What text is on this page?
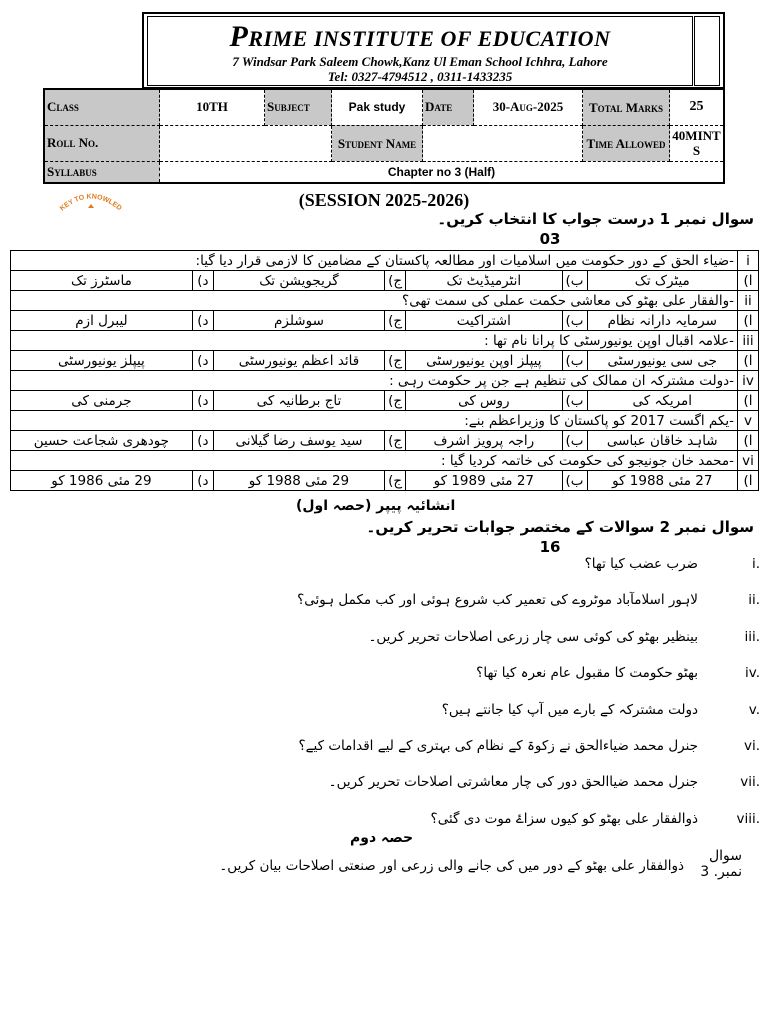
PRIME INSTITUTE OF EDUCATION
7 Windsar Park Saleem Chowk,Kanz Ul Eman School Ichhra, Lahore
Tel: 0327-4794512 , 0311-1433235
Class	10TH	Subject	Pak study	Date	30-Aug-2025	Total Marks	25
Roll No.			Student Name			Time Allowed	40MINT S
Syllabus	Chapter no 3 (Half)						
KEY TO KNOWLED	(SESSION 2025-2026)
سوال نمبر 1 درست جواب کا انتخاب کریں۔
03
i	-ضیاء الحق کے دور حکومت میں اسلامیات اور مطالعہ پاکستان کے مضامین کا لازمی قرار دیا گیا:						
ا)	میٹرک تک	ب)	انٹرمیڈیٹ تک	ج)	گریجویشن تک	د)	ماسٹرز تک
ii	-والفقار علی بھٹو کی معاشی حکمت عملی کی سمت تھی؟						
ا)	سرمایہ دارانہ نظام	ب)	اشتراکیت	ج)	سوشلزم	د)	لیبرل ازم
iii	-علامہ اقبال اوپن یونیورسٹی کا پرانا نام تھا :						
ا)	جی سی یونیورسٹی	ب)	پیپلز اوپن یونیورسٹی	ج)	قائد اعظم یونیورسٹی	د)	پیپلز یونیورسٹی
iv	-دولت مشترکہ ان ممالک کی تنظیم ہے جن پر حکومت رہی :						
ا)	امریکہ کی	ب)	روس کی	ج)	تاج برطانیہ کی	د)	جرمنی کی
v	-یکم اگست 2017 کو پاکستان کا وزیراعظم بنے:						
ا)	شاہد خاقان عباسی	ب)	راجہ پرویز اشرف	ج)	سید یوسف رضا گیلانی	د)	چودھری شجاعت حسین
vi	-محمد خان جونیجو کی حکومت کی خاتمہ کردیا گیا :						
ا)	27 مئی 1988 کو	ب)	27 مئی 1989 کو	ج)	29 مئی 1988 کو	د)	29 مئی 1986 کو
انشائیہ پیپر (حصہ اول)
سوال نمبر 2 سوالات کے مختصر جوابات تحریر کریں۔
16
i.
ضرب عضب کیا تھا؟
ii.
لاہور اسلامآباد موٹروے کی تعمیر کب شروع ہوئی اور کب مکمل ہوئی؟
iii.
بینظیر بھٹو کی کوئی سی چار زرعی اصلاحات تحریر کریں۔
iv.
بھٹو حکومت کا مقبول عام نعرہ کیا تھا؟
v.
دولت مشترکہ کے بارے میں آپ کیا جانتے ہیں؟
vi.
جنرل محمد ضیاءالحق نے زکوۃ کے نظام کی بہتری کے لیے اقدامات کیے؟
vii.
جنرل محمد ضیاالحق دور کی چار معاشرتی اصلاحات تحریر کریں۔
viii.
ذوالفقار علی بھٹو کو کیوں سزاۓ موت دی گئی؟
حصہ دوم
سوال
نمبر. 3
ذوالفقار علی بھٹو کے دور میں کی جانے والی زرعی اور صنعتی اصلاحات بیان کریں۔
